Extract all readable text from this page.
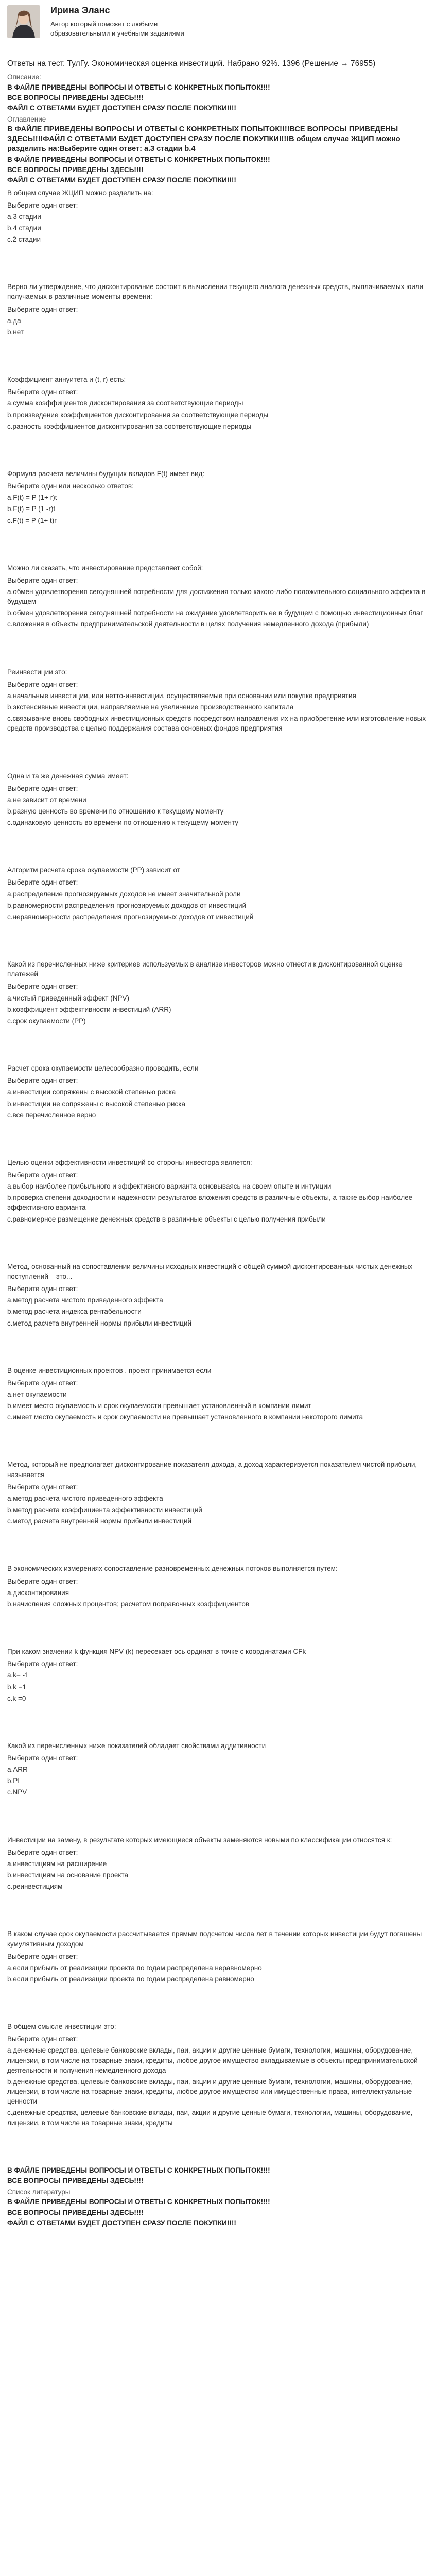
Ирина Эланс
Автор который поможет с любыми образовательными и учебными заданиями
Ответы на тест. ТулГу. Экономическая оценка инвестиций. Набрано 92%. 1396 (Решение → 76955)
Описание:
В ФАЙЛЕ ПРИВЕДЕНЫ ВОПРОСЫ И ОТВЕТЫ С КОНКРЕТНЫХ ПОПЫТОК!!!!
ВСЕ ВОПРОСЫ ПРИВЕДЕНЫ ЗДЕСЬ!!!!
ФАЙЛ С ОТВЕТАМИ БУДЕТ ДОСТУПЕН СРАЗУ ПОСЛЕ ПОКУПКИ!!!!
Оглавление
В ФАЙЛЕ ПРИВЕДЕНЫ ВОПРОСЫ И ОТВЕТЫ С КОНКРЕТНЫХ ПОПЫТОК!!!!ВСЕ ВОПРОСЫ ПРИВЕДЕНЫ ЗДЕСЬ!!!!ФАЙЛ С ОТВЕТАМИ БУДЕТ ДОСТУПЕН СРАЗУ ПОСЛЕ ПОКУПКИ!!!!В общем случае ЖЦИП можно разделить на:Выберите один ответ: a.3 стадии b.4
В ФАЙЛЕ ПРИВЕДЕНЫ ВОПРОСЫ И ОТВЕТЫ С КОНКРЕТНЫХ ПОПЫТОК!!!!
ВСЕ ВОПРОСЫ ПРИВЕДЕНЫ ЗДЕСЬ!!!!
ФАЙЛ С ОТВЕТАМИ БУДЕТ ДОСТУПЕН СРАЗУ ПОСЛЕ ПОКУПКИ!!!!

В общем случае ЖЦИП можно разделить на:

Выберите один ответ:

a.3 стадии

b.4 стадии

c.2 стадии

Верно ли утверждение, что дисконтирование состоит в вычислении текущего аналога денежных средств, выплачиваемых юили получаемых в различные моменты времени:

Выберите один ответ:

a.да

b.нет

Коэффициент аннуитета и (t, r) есть:

Выберите один ответ:

a.сумма коэффициентов дисконтирования за соответствующие периоды

b.произведение коэффициентов дисконтирования за соответствующие периоды

c.разность коэффициентов дисконтирования за соответствующие периоды

Формула расчета величины будущих вкладов F(t) имеет вид:

Выберите один или несколько ответов:

a.F(t) = P (1+ r)t

b.F(t) = P (1 -r)t

c.F(t) = P (1+ t)r

Можно ли сказать, что инвестирование представляет собой:

Выберите один ответ:

a.обмен удовлетворения сегодняшней потребности для достижения только какого-либо положительного социального эффекта в будущем

b.обмен удовлетворения сегодняшней потребности на ожидание удовлетворить ее в будущем с помощью инвестиционных благ

c.вложения в объекты предпринимательской деятельности в целях получения немедленного дохода (прибыли)

Реинвестиции это:

Выберите один ответ:

a.начальные инвестиции, или нетто-инвестиции, осуществляемые при основании или покупке предприятия

b.экстенсивные инвестиции, направляемые на увеличение производственного капитала

c.связывание вновь свободных инвестиционных средств посредством направления их на приобретение или изготовление новых средств производства с целью поддержания состава основных фондов предприятия

Одна и та же денежная сумма имеет:

Выберите один ответ:

a.не зависит от времени

b.разную ценность во времени по отношению к текущему моменту

c.одинаковую ценность во времени по отношению к текущему моменту

Алгоритм расчета срока окупаемости (РР) зависит от

Выберите один ответ:

a.распределение прогнозируемых доходов не имеет значительной роли

b.равномерности распределения прогнозируемых доходов от инвестиций

c.неравномерности распределения прогнозируемых доходов от инвестиций

Какой из перечисленных ниже критериев используемых в анализе инвесторов можно отнести к дисконтированной оценке платежей

Выберите один ответ:

a.чистый приведенный эффект (NPV)

b.коэффициент эффективности инвестиций (ARR)

c.срок окупаемости (PP)

Расчет срока окупаемости целесообразно проводить, если

Выберите один ответ:

a.инвестиции сопряжены с высокой степенью риска

b.инвестиции не сопряжены с высокой степенью риска

c.все перечисленное верно

Целью оценки эффективности инвестиций со стороны инвестора является:

Выберите один ответ:

a.выбор наиболее прибыльного и эффективного варианта основываясь на своем опыте и интуиции

b.проверка степени доходности и надежности результатов вложения средств в различные объекты, а также выбор наиболее эффективного варианта

c.равномерное размещение денежных средств в различные объекты с целью получения прибыли

Метод, основанный на сопоставлении величины исходных инвестиций с общей суммой дисконтированных чистых денежных поступлений – это...

Выберите один ответ:

a.метод расчета чистого приведенного эффекта

b.метод расчета индекса рентабельности

c.метод расчета внутренней нормы прибыли инвестиций

В оценке инвестиционных проектов , проект принимается если

Выберите один ответ:

a.нет окупаемости

b.имеет место окупаемость и срок окупаемости превышает установленный в компании лимит

c.имеет место окупаемость и срок окупаемости не превышает установленного в компании некоторого лимита

Метод, который не предполагает дисконтирование показателя дохода, а доход характеризуется показателем чистой прибыли, называется

Выберите один ответ:

a.метод расчета чистого приведенного эффекта

b.метод расчета коэффициента эффективности инвестиций

c.метод расчета внутренней нормы прибыли инвестиций

В экономических измерениях сопоставление разновременных денежных потоков выполняется путем:

Выберите один ответ:

a.дисконтирования

b.начисления сложных процентов; расчетом поправочных коэффициентов

При каком значении k функция NPV (k) пересекает ось ординат в точке с координатами CFk

Выберите один ответ:

a.k= -1

b.k =1

c.k =0

Какой из перечисленных ниже показателей обладает свойствами аддитивности

Выберите один ответ:

a.ARR

b.PI

c.NPV

Инвестиции на замену, в результате которых имеющиеся объекты заменяются новыми по классификации относятся к:

Выберите один ответ:

a.инвестициям на расширение

b.инвестициям на основание проекта

c.реинвестициям

В каком случае срок окупаемости рассчитывается прямым подсчетом числа лет в течении которых инвестиции будут погашены кумулятивным доходом

Выберите один ответ:

a.если прибыль от реализации проекта по годам распределена неравномерно

b.если прибыль от реализации проекта по годам распределена равномерно

В общем смысле инвестиции это:

Выберите один ответ:

a.денежные средства, целевые банковские вклады, паи, акции и другие ценные бумаги, технологии, машины, оборудование, лицензии, в том числе на товарные знаки, кредиты, любое другое имущество вкладываемые в объекты предпринимательской деятельности и получения немедленного дохода

b.денежные средства, целевые банковские вклады, паи, акции и другие ценные бумаги, технологии, машины, оборудование, лицензии, в том числе на товарные знаки, кредиты, любое другое имущество или имущественные права, интеллектуальные ценности

c.денежные средства, целевые банковские вклады, паи, акции и другие ценные бумаги, технологии, машины, оборудование, лицензии, в том числе на товарные знаки, кредиты

В ФАЙЛЕ ПРИВЕДЕНЫ ВОПРОСЫ И ОТВЕТЫ С КОНКРЕТНЫХ ПОПЫТОК!!!!
ВСЕ ВОПРОСЫ ПРИВЕДЕНЫ ЗДЕСЬ!!!!
Список литературы
В ФАЙЛЕ ПРИВЕДЕНЫ ВОПРОСЫ И ОТВЕТЫ С КОНКРЕТНЫХ ПОПЫТОК!!!!
ВСЕ ВОПРОСЫ ПРИВЕДЕНЫ ЗДЕСЬ!!!!
ФАЙЛ С ОТВЕТАМИ БУДЕТ ДОСТУПЕН СРАЗУ ПОСЛЕ ПОКУПКИ!!!!
